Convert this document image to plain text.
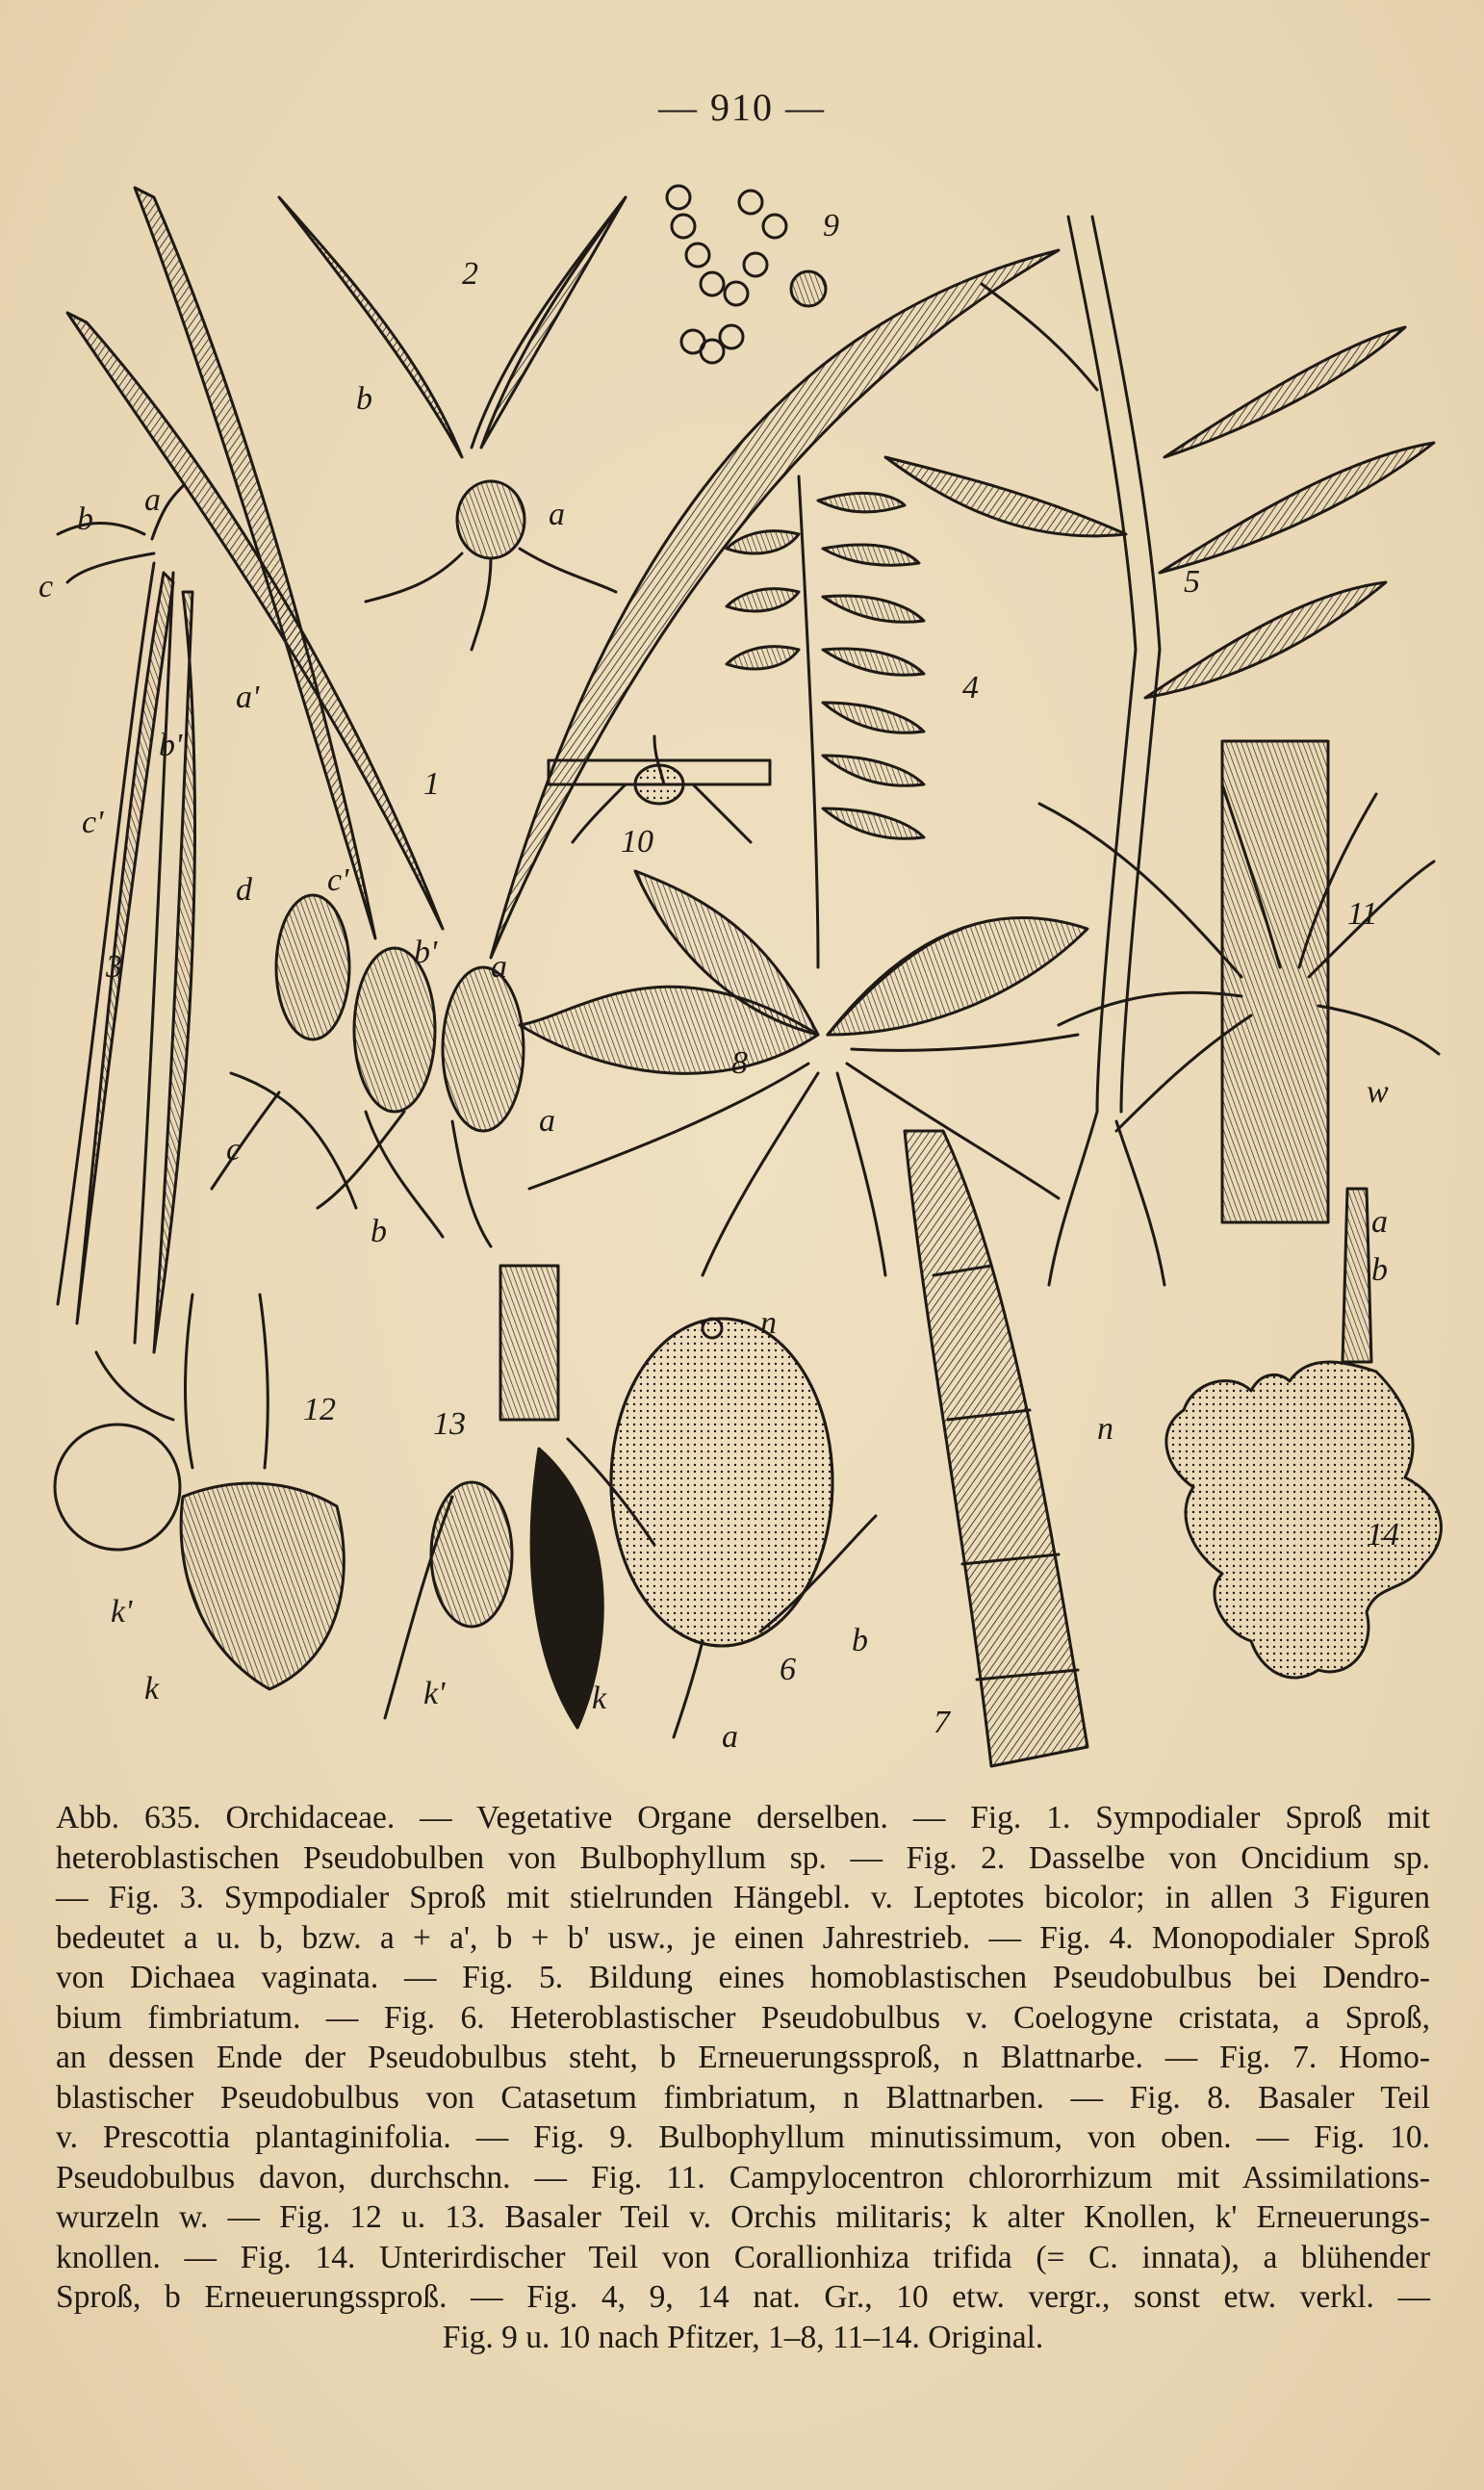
— 910 —
1
2
3
4
5
6
7
8
9
10
11
12	13
14
a
b
c
a'
b'
c'
d c'
b' a
a
c
b
b
a
n
n
b
a
w
a
b
k'
k	k'	k
Abb. 635. Orchidaceae. — Vegetative Organe derselben. — Fig. 1. Sympodialer Sproß mit
heteroblastischen Pseudobulben von Bulbophyllum sp. — Fig. 2. Dasselbe von Oncidium sp.
— Fig. 3. Sympodialer Sproß mit stielrunden Hängebl. v. Leptotes bicolor; in allen 3 Figuren
bedeutet a u. b, bzw. a + a', b + b' usw., je einen Jahrestrieb. — Fig. 4. Monopodialer Sproß
von Dichaea vaginata. — Fig. 5. Bildung eines homoblastischen Pseudobulbus bei Dendro-
bium fimbriatum. — Fig. 6. Heteroblastischer Pseudobulbus v. Coelogyne cristata, a Sproß,
an dessen Ende der Pseudobulbus steht, b Erneuerungssproß, n Blattnarbe. — Fig. 7. Homo-
blastischer Pseudobulbus von Catasetum fimbriatum, n Blattnarben. — Fig. 8. Basaler Teil
v. Prescottia plantaginifolia. — Fig. 9. Bulbophyllum minutissimum, von oben. — Fig. 10.
Pseudobulbus davon, durchschn. — Fig. 11. Campylocentron chlororrhizum mit Assimilations-
wurzeln w. — Fig. 12 u. 13. Basaler Teil v. Orchis militaris; k alter Knollen, k' Erneuerungs-
knollen. — Fig. 14. Unterirdischer Teil von Corallionhiza trifida (= C. innata), a blühender
Sproß, b Erneuerungssproß. — Fig. 4, 9, 14 nat. Gr., 10 etw. vergr., sonst etw. verkl. —
Fig. 9 u. 10 nach Pfitzer, 1–8, 11–14. Original.
